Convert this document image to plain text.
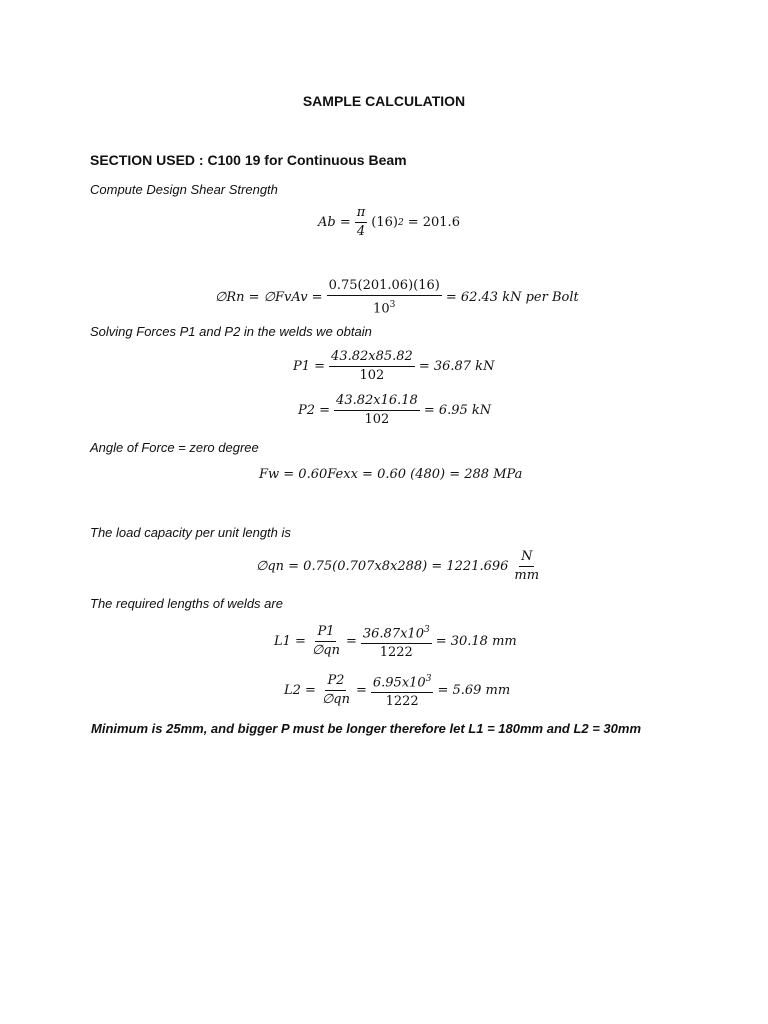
SAMPLE CALCULATION
SECTION USED : C100 19 for Continuous Beam
Compute Design Shear Strength
$Ab = \frac{\pi}{4} (16) 2 = 201.6$
∅Rn = ∅FvAv = $\frac{0.75(201.06)(16)}{10^3} = 62.43$ kN per Bolt
Solving Forces P1 and P2 in the welds we obtain
$P1 = \frac{43.82x85.82}{102} = 36.87$ kN
$P2 = \frac{43.82x16.18}{102} = 6.95$ kN
Angle of Force = zero degree
Fw = 0.60Fexx = 0.60 (480) = 288 MPa
The load capacity per unit length is
∅qn = $0.75(0.707x8x288) = 1221.696 \frac{N}{mm}$
The required lengths of welds are
$L1 = \frac{P1}{\emptyset qn} = \frac{36.87x10^3}{1222} = 30.18$ mm
$L2 = \frac{P2}{\emptyset qn} = \frac{6.95x10^3}{1222} = 5.69$ mm
Minimum is 25mm, and bigger P must be longer therefore let L1 = 180mm and L2 = 30mm
